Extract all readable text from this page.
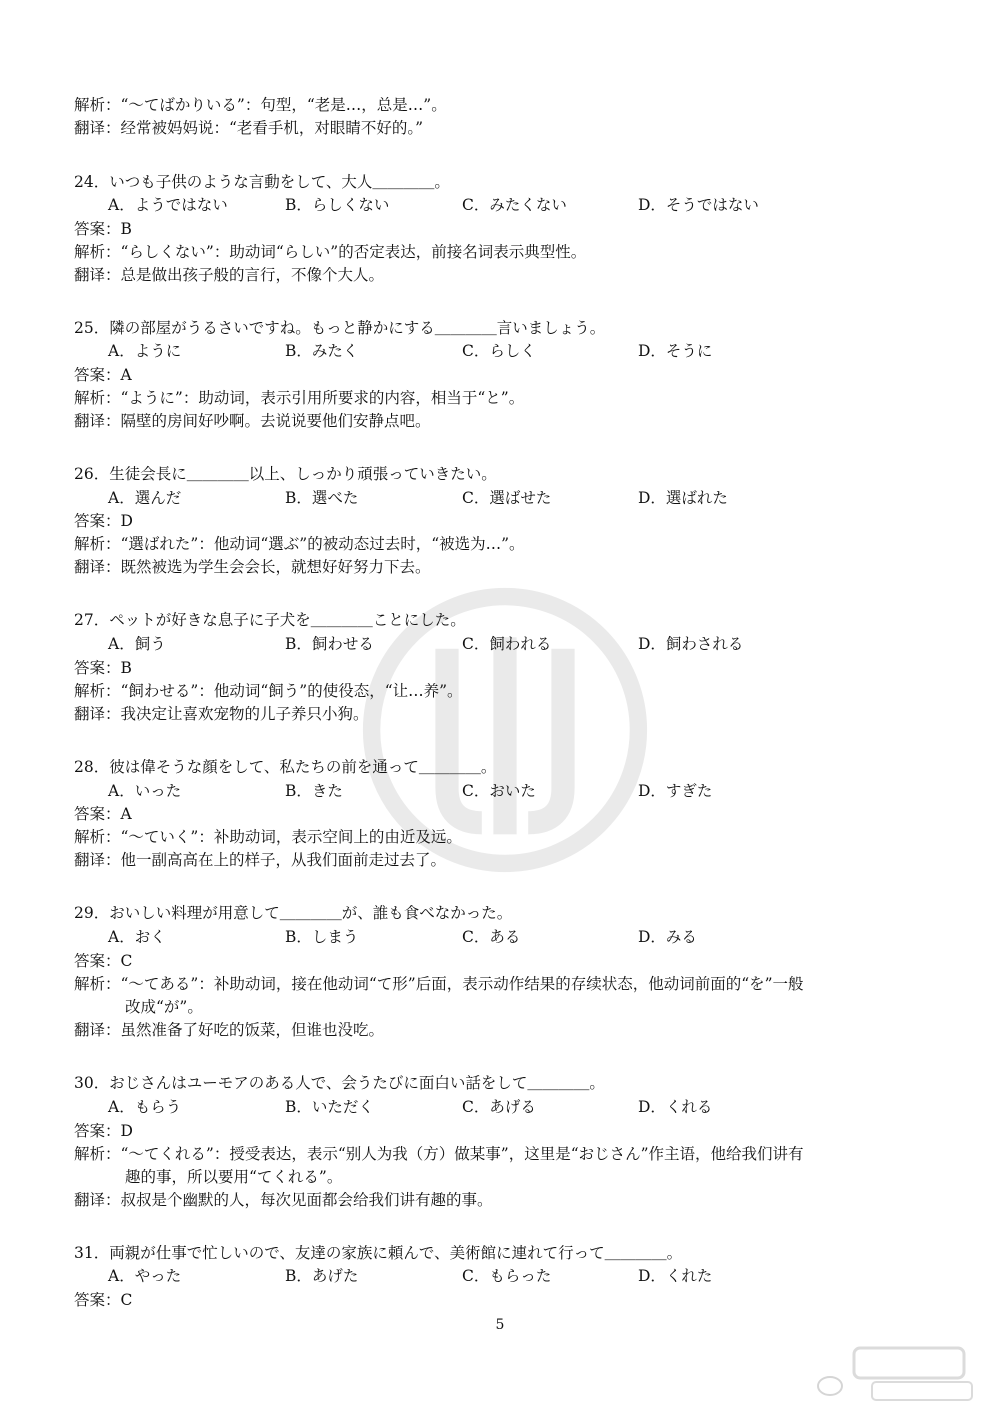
解析：“～てばかりいる”：句型，“老是…，总是…”。
翻译：经常被妈妈说：“老看手机，对眼睛不好的。”
24．いつも子供のような言動をして、大人＿＿＿＿。
A．ようではない	B．らしくない	C．みたくない	D．そうではない
答案：B
解析：“らしくない”：助动词“らしい”的否定表达，前接名词表示典型性。
翻译：总是做出孩子般的言行，不像个大人。
25．隣の部屋がうるさいですね。もっと静かにする＿＿＿＿言いましょう。
A．ように	B．みたく	C．らしく	D．そうに
答案：A
解析：“ように”：助动词，表示引用所要求的内容，相当于“と”。
翻译：隔壁的房间好吵啊。去说说要他们安静点吧。
26．生徒会長に＿＿＿＿以上、しっかり頑張っていきたい。
A．選んだ	B．選べた	C．選ばせた	D．選ばれた
答案：D
解析：“選ばれた”：他动词“選ぶ”的被动态过去时，“被选为…”。
翻译：既然被选为学生会会长，就想好好努力下去。
27．ペットが好きな息子に子犬を＿＿＿＿ことにした。
A．飼う	B．飼わせる	C．飼われる	D．飼わされる
答案：B
解析：“飼わせる”：他动词“飼う”的使役态，“让…养”。
翻译：我决定让喜欢宠物的儿子养只小狗。
28．彼は偉そうな顔をして、私たちの前を通って＿＿＿＿。
A．いった	B．きた	C．おいた	D．すぎた
答案：A
解析：“～ていく”：补助动词，表示空间上的由近及远。
翻译：他一副高高在上的样子，从我们面前走过去了。
29．おいしい料理が用意して＿＿＿＿が、誰も食べなかった。
A．おく	B．しまう	C．ある	D．みる
答案：C
解析：“～てある”：补助动词，接在他动词“て形”后面，表示动作结果的存续状态，他动词前面的“を”一般
改成“が”。
翻译：虽然准备了好吃的饭菜，但谁也没吃。
30．おじさんはユーモアのある人で、会うたびに面白い話をして＿＿＿＿。
A．もらう	B．いただく	C．あげる	D．くれる
答案：D
解析：“～てくれる”：授受表达，表示“别人为我（方）做某事”，这里是“おじさん”作主语，他给我们讲有
趣的事，所以要用“てくれる”。
翻译：叔叔是个幽默的人，每次见面都会给我们讲有趣的事。
31．両親が仕事で忙しいので、友達の家族に頼んで、美術館に連れて行って＿＿＿＿。
A．やった	B．あげた	C．もらった	D．くれた
答案：C
5
